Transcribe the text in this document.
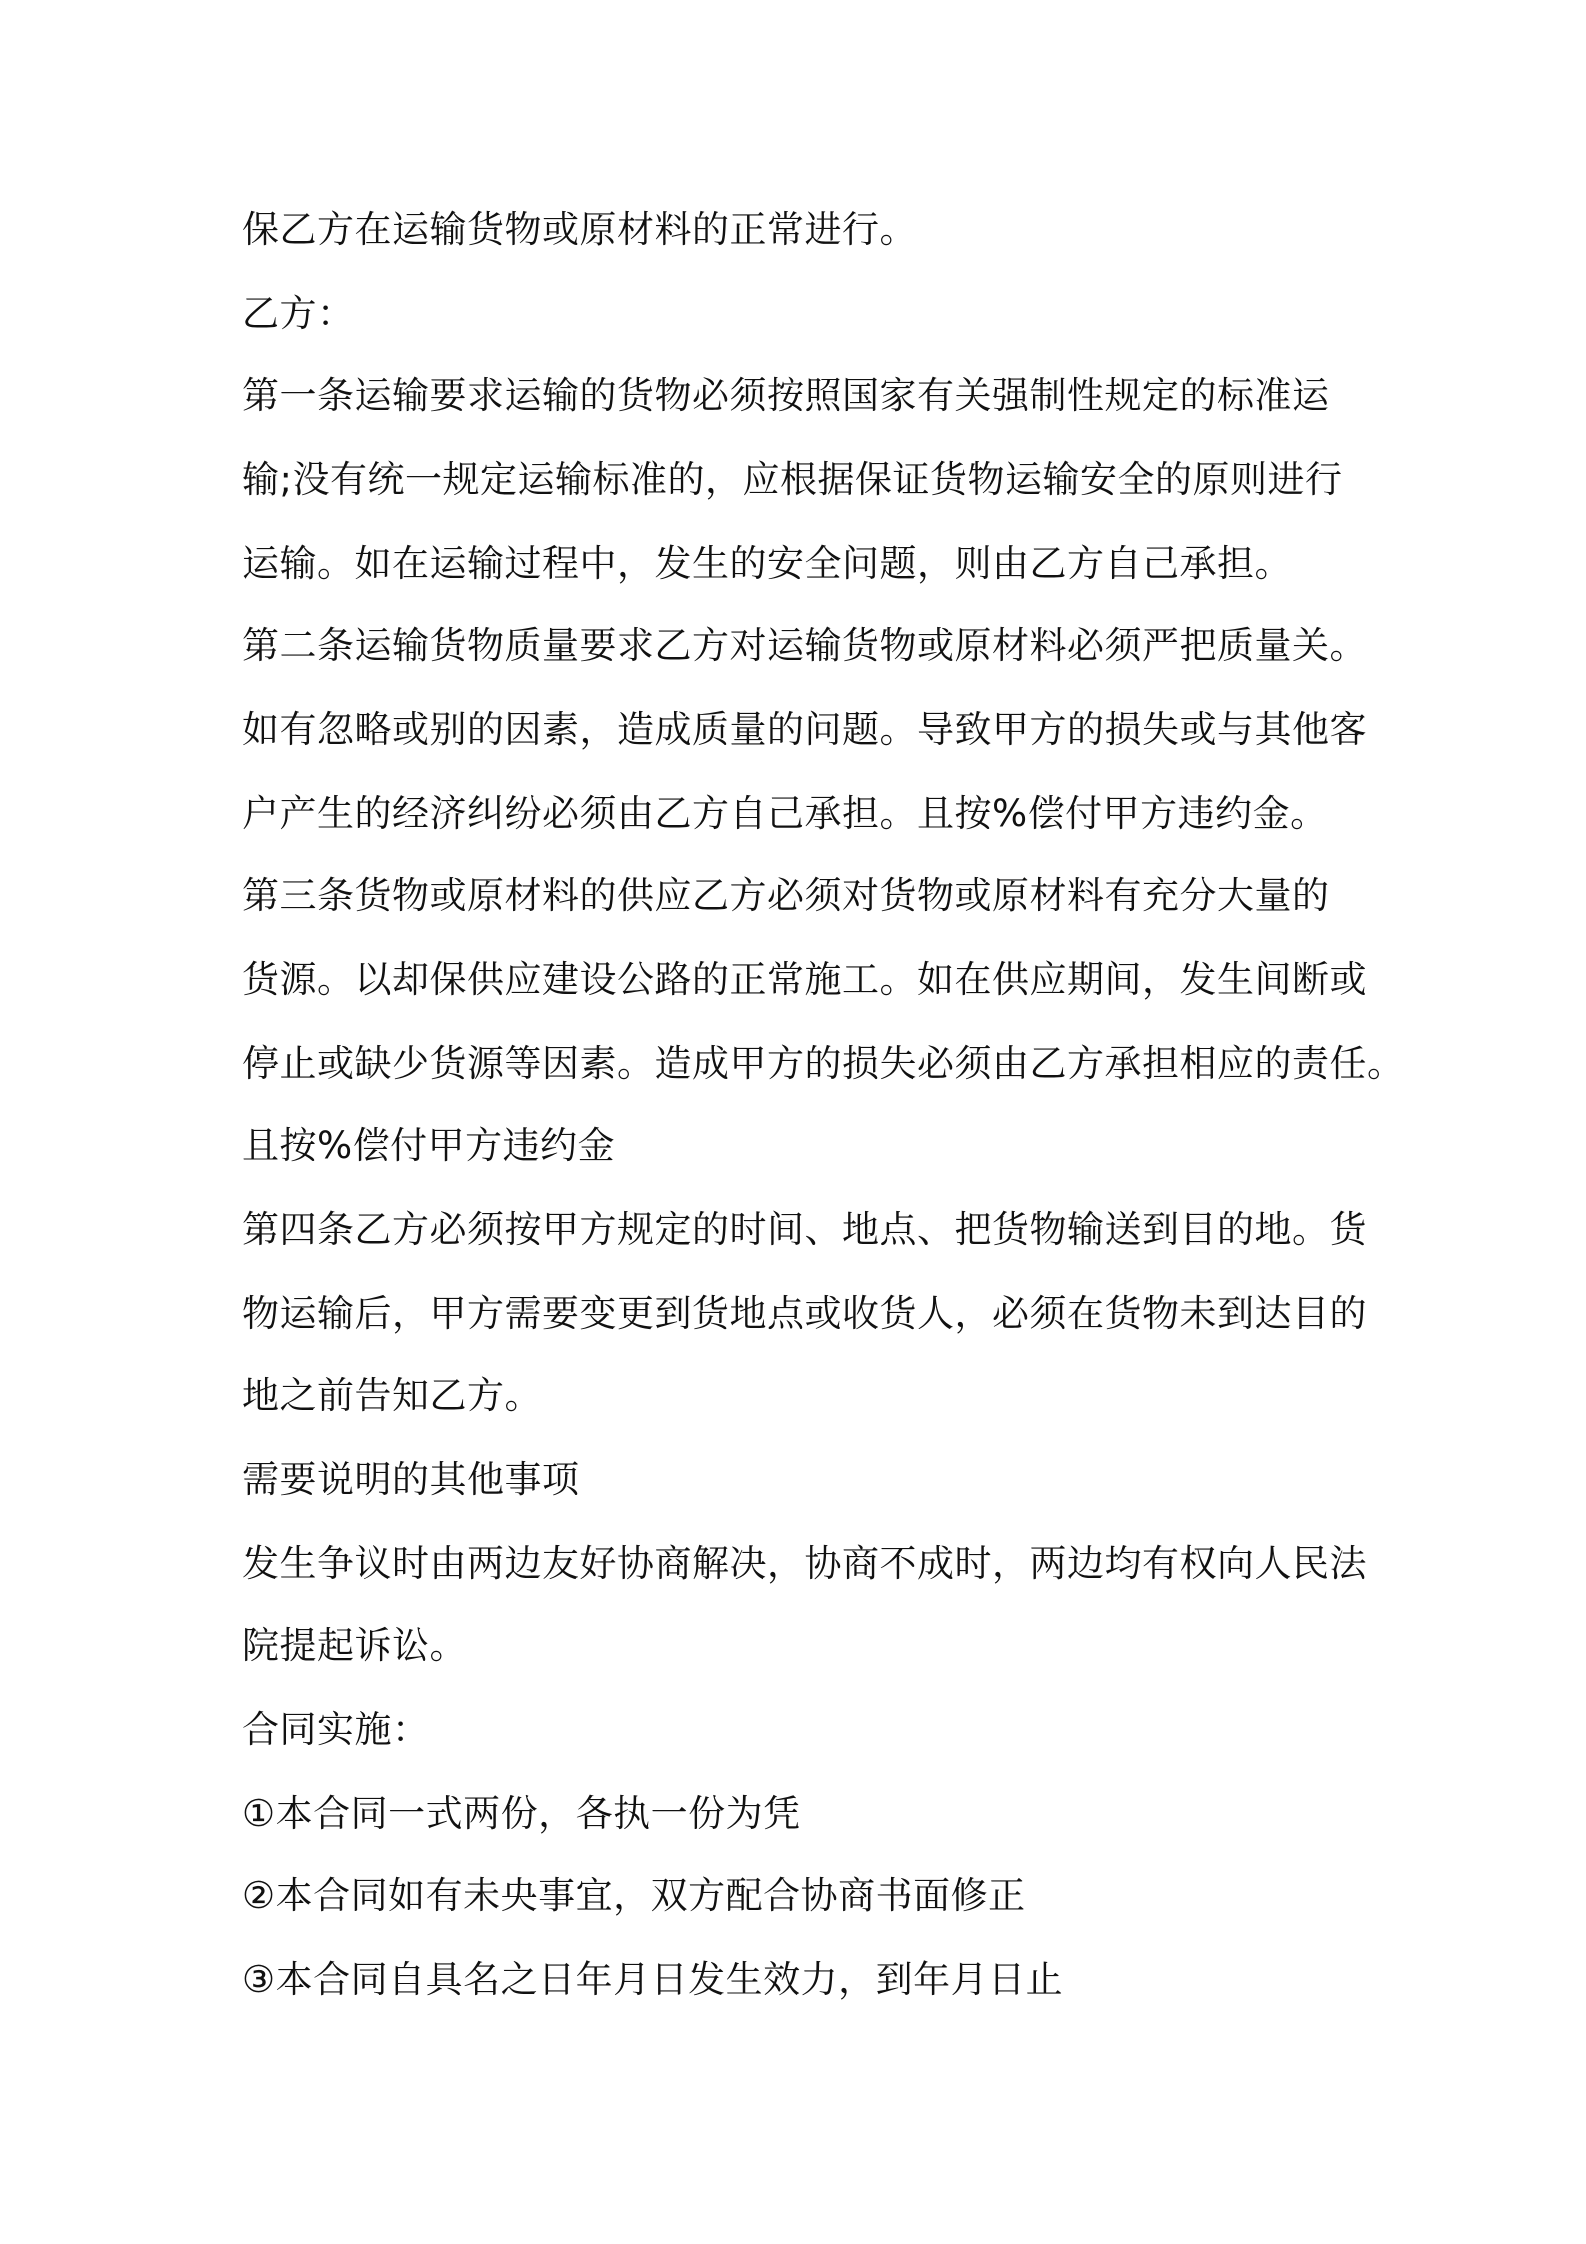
保乙方在运输货物或原材料的正常进行。

乙方：

第一条运输要求运输的货物必须按照国家有关强制性规定的标准运

输;没有统一规定运输标准的，应根据保证货物运输安全的原则进行

运输。如在运输过程中，发生的安全问题，则由乙方自己承担。

第二条运输货物质量要求乙方对运输货物或原材料必须严把质量关。

如有忽略或别的因素，造成质量的问题。导致甲方的损失或与其他客

户产生的经济纠纷必须由乙方自己承担。且按%偿付甲方违约金。

第三条货物或原材料的供应乙方必须对货物或原材料有充分大量的

货源。以却保供应建设公路的正常施工。如在供应期间，发生间断或

停止或缺少货源等因素。造成甲方的损失必须由乙方承担相应的责任。

且按%偿付甲方违约金

第四条乙方必须按甲方规定的时间、地点、把货物输送到目的地。货

物运输后，甲方需要变更到货地点或收货人，必须在货物未到达目的

地之前告知乙方。

需要说明的其他事项

发生争议时由两边友好协商解决，协商不成时，两边均有权向人民法

院提起诉讼。

合同实施：

①本合同一式两份，各执一份为凭

②本合同如有未央事宜，双方配合协商书面修正

③本合同自具名之日年月日发生效力，到年月日止
